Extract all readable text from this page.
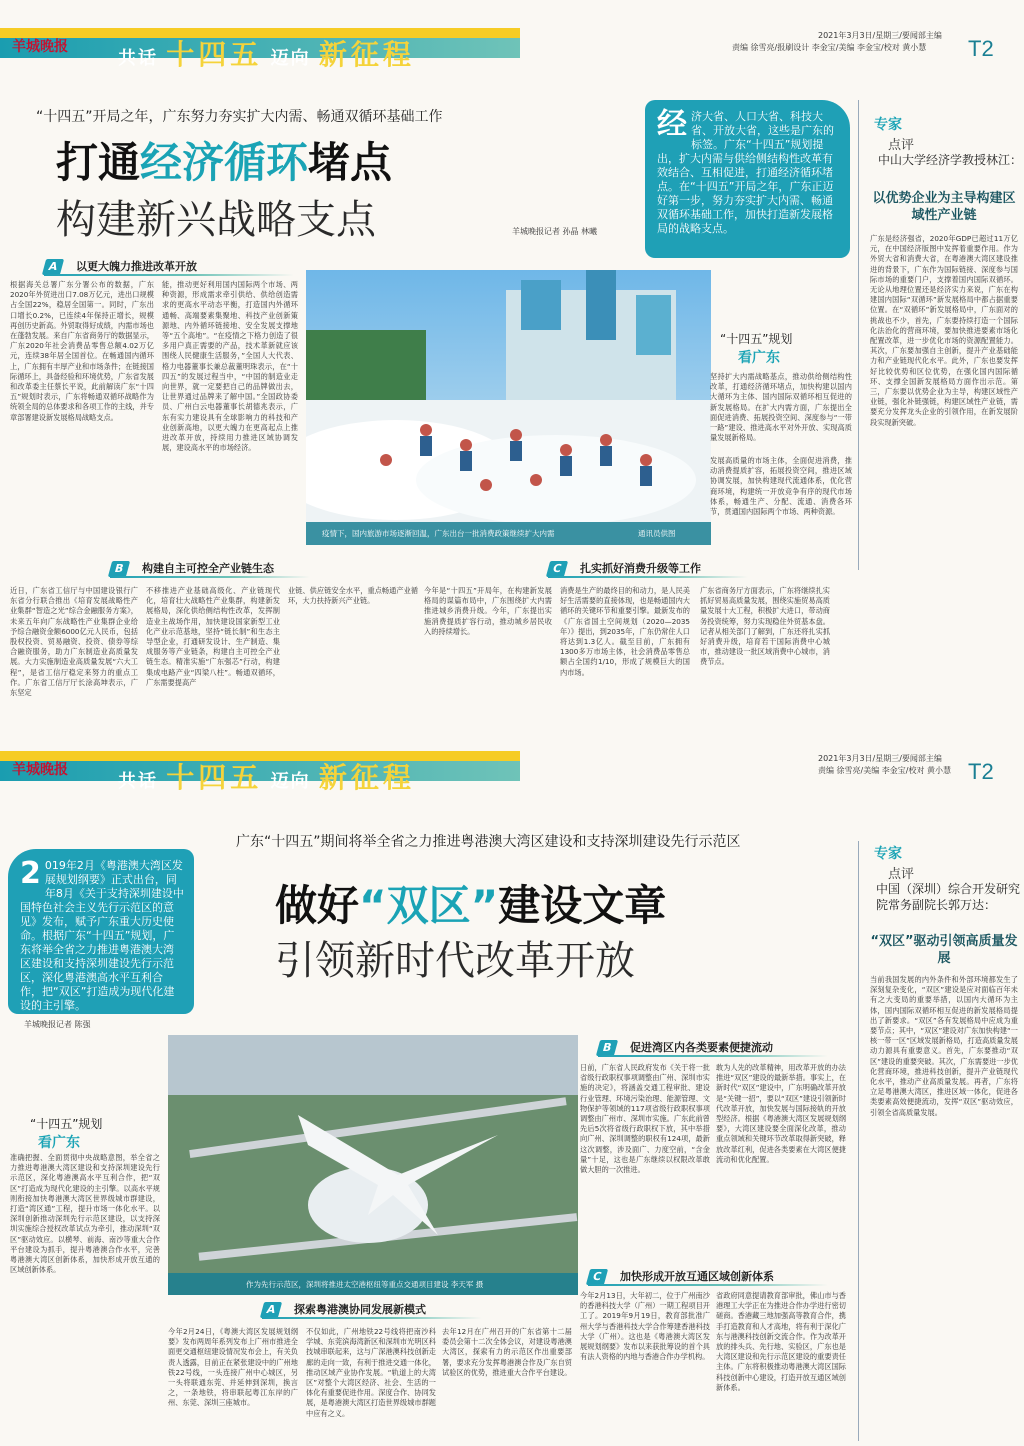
羊城晚报
共话 十四五 迈向 新征程
2021年3月3日/星期三/要闻部主编
责编 徐雪亮/报刷设计 李金宝/美编 李金宝/校对 黄小慧 T2
“十四五”开局之年，广东努力夯实扩大内需、畅通双循环基础工作
打通经济循环堵点
构建新兴战略支点	羊城晚报记者 孙晶 林曦
经 济大省、人口大省、科技大省、开放大省，这些是广东的标签。广东“十四五”规划提出，扩大内需与供给侧结构性改革有效结合、互相促进，打通经济循环堵点。在“十四五”开局之年，广东正迈好第一步，努力夯实扩大内需、畅通双循环基础工作，加快打造新发展格局的战略支点。
A 以更大魄力推进改革开放
根据海关总署广东分署公布的数据，广东2020年外贸进出口7.08万亿元，进出口规模占全国22%，稳居全国第一。同时，广东出口增长0.2%，已连续4年保持正增长，规模再创历史新高。外贸取得好成绩，内需市场也在蓬勃发展。来自广东省商务厅的数据显示，广东2020年社会消费品零售总额4.02万亿元，连续38年居全国首位。在畅通国内循环上，广东拥有丰厚产业和市场条件；在链接国际循环上，具备经验和环境优势，广东省发展和改革委主任蔡长平说，此前解读广东“十四五”规划时表示，广东将畅通双循环战略作为统领全局的总体要求和各项工作的主线，并专章部署建设新发展格局战略支点。
能，推动更好利用国内国际两个市场、两种资源，形成需求牵引供给、供给创造需求的更高水平动态平衡，打造国内外循环通畅、高端要素集聚地、科技产业创新策源地、内外循环链接地、安全发展支撑地等“五个高地”。“在疫情之下格力创造了很多用户真正需要的产品，技术革新就应该围绕人民健康生活服务，”全国人大代表、格力电器董事长兼总裁董明珠表示，在“十四五”的发展过程当中，“中国的制造业走向世界，就一定要把自己的品牌做出去，让世界通过品牌来了解中国。”全国政协委员、广州白云电器董事长胡德兆表示，广东有实力建设具有全球影响力的科技和产业创新高地，以更大魄力在更高起点上推进改革开放，持续用力推进区域协调发展，建设高水平的市场经济。
疫情下，国内旅游市场逐渐回温，广东出台一批消费政策继续扩大内需	通讯员供图
“十四五”规划
看广东
坚持扩大内需战略基点，推动供给侧结构性改革，打通经济循环堵点，加快构建以国内大循环为主体、国内国际双循环相互促进的新发展格局。在扩大内需方面，广东提出全面促进消费、拓展投资空间、深度参与“一带一路”建设、推进高水平对外开放、实现高质量发展新格局。
发展高质量的市场主体，全面促进消费，推动消费提质扩容，拓展投资空间，推进区域协调发展，加快构建现代流通体系，优化营商环境，构建统一开放竞争有序的现代市场体系，畅通生产、分配、流通、消费各环节，贯通国内国际两个市场、两种资源。
专家
点评
中山大学经济学教授林江：
以优势企业为主导构建区域性产业链
广东是经济强省，2020年GDP已超过11万亿元，在中国经济版图中发挥着重要作用。作为外贸大省和消费大省，在粤港澳大湾区建设推进的背景下，广东作为国际链接、深度参与国际市场的重要门户，支撑着国内国际双循环。无论从地理位置还是经济实力来说，广东在构建国内国际“双循环”新发展格局中都占据重要位置。在“双循环”新发展格局中，广东面对的挑战也不少，首先，广东要持续打造一个国际化法治化的营商环境，要加快推进要素市场化配置改革，进一步优化市场的资源配置能力。其次，广东要加强自主创新，提升产业基础能力和产业链现代化水平。此外，广东也要发挥好比较优势和区位优势，在强化国内国际循环、支撑全国新发展格局方面作出示范。第三，广东要以优势企业为主导，构建区域性产业链，强化补链强链，构建区域性产业链，需要充分发挥龙头企业的引领作用，在新发展阶段实现新突破。
B 构建自主可控全产业链生态	C 扎实抓好消费升级等工作
近日，广东省工信厅与中国建设银行广东省分行联合推出《培育发展战略性产业集群“智造之光”综合金融服务方案》，未来五年向广东战略性产业集群企业给予综合融资金额6000亿元人民币，包括股权投资、贸易融资、投资、债券等综合融资服务，助力广东制造业高质量发展。大力实施制造业高质量发展“六大工程”，是省工信厅稳定来努力的重点工作。广东省工信厅厅长涂高坤表示，广东坚定
不移推进产业基础高级化、产业链现代化，培育壮大战略性产业集群，构建新发展格局，深化供给侧结构性改革，发挥制造业主战场作用，加快建设国家新型工业化产业示范基地，坚持“链长制”和生态主导型企业，打通研发设计、生产制造、集成服务等产业链条，构建自主可控全产业链生态。精准实施“广东强芯”行动，构建集成电路产业“四梁八柱”。畅通双循环，广东需要提高产
业链、供应链安全水平，重点畅通产业循环，大力扶持新兴产业链。
今年是“十四五”开局年，在构建新发展格局的谋篇布局中，广东围绕扩大内需推进城乡消费升级。今年，广东提出实施消费提质扩容行动，推动城乡居民收入的持续增长。
消费是生产的最终目的和动力，是人民美好生活需要的直接体现，也是畅通国内大循环的关键环节和重要引擎。最新发布的《广东省国土空间规划（2020—2035年）》提出，到2035年，广东仍常住人口将达到1.3亿人。截至目前，广东拥有1300多万市场主体，社会消费品零售总额占全国约1/10，形成了规模巨大的国内市场。
广东省商务厅方面表示，广东将继续扎实抓好贸易高质量发展，围绕实施贸易高质量发展十大工程，积极扩大进口，带动商务投资统筹，努力实现稳住外贸基本盘。记者从相关部门了解到，广东还将扎实抓好消费升级，培育若干国际消费中心城市，推动建设一批区域消费中心城市，消费节点。
羊城晚报
共话 十四五 迈向 新征程
2021年3月3日/星期三/要闻部主编
责编 徐雪亮/美编 李金宝/校对 黄小慧 T2
广东“十四五”期间将举全省之力推进粤港澳大湾区建设和支持深圳建设先行示范区
做好“双区”建设文章
引领新时代改革开放
2 019年2月《粤港澳大湾区发展规划纲要》正式出台，同年8月《关于支持深圳建设中国特色社会主义先行示范区的意见》发布，赋予广东重大历史使命。根据广东“十四五”规划，广东将举全省之力推进粤港澳大湾区建设和支持深圳建设先行示范区，深化粤港澳高水平互利合作，把“双区”打造成为现代化建设的主引擎。
羊城晚报记者 陈强
作为先行示范区，深圳将推进太空港枢纽等重点交通项目建设 李天军 摄
“十四五”规划
看广东
准确把握、全面贯彻中央战略意图，举全省之力推进粤港澳大湾区建设和支持深圳建设先行示范区，深化粤港澳高水平互利合作，把“双区”打造成为现代化建设的主引擎。以高水平规则衔接加快粤港澳大湾区世界级城市群建设，打造“湾区通”工程，提升市场一体化水平。以深圳创新推动深圳先行示范区建设，以支持深圳实施综合授权改革试点为牵引，推动深圳“双区”驱动效应。以横琴、前海、南沙等重大合作平台建设为抓手，提升粤港澳合作水平，完善粤港澳大湾区创新体系，加快形成开放互通的区域创新体系。
B 促进湾区内各类要素便捷流动
日前，广东省人民政府发布《关于将一批省级行政职权事项调整由广州、深圳市实施的决定》，将涵盖交通工程审批、建设行业管理、环境污染治理、能源管理、文物保护等领域的117项省级行政职权事项调整由广州市、深圳市实施。广东此前曾先后5次将省级行政职权下放，其中举措向广州、深圳调整的职权有124项，最新这次调整，涉及面广、力度空前，“含金量”十足，这也是广东继续以权限改革敢做大胆的一次推进。
敢为人先的改革精神，用改革开放的办法推进“双区”建设的最新举措。事实上，在新时代“双区”建设中，广东明确改革开放是“关键一招”，要以“双区”建设引领新时代改革开放，加快发展与国际接轨的开放型经济。根据《粤港澳大湾区发展规划纲要》，大湾区建设要全面深化改革，推动重点领域和关键环节改革取得新突破，释放改革红利，促进各类要素在大湾区便捷流动和优化配置。
C 加快形成开放互通区域创新体系
今年2月13日，大年初二，位于广州南沙的香港科技大学（广州）一期工程项目开工了。2019年9月19日，教育部批准广州大学与香港科技大学合作筹建香港科技大学（广州）。这也是《粤港澳大湾区发展规划纲要》发布以来获批筹设的首个具有法人资格的内地与香港合作办学机构。
省政府同意提请教育部审批，佛山市与香港理工大学正在为推进合作办学进行密切磋商。香港藏三地加强高等教育合作，携手打造教育和人才高地，将有利于深化广东与港澳科技创新交流合作。作为改革开放的排头兵、先行地、实验区，广东也是大湾区建设和先行示范区建设的重要责任主体。广东将积极推动粤港澳大湾区国际科技创新中心建设，打造开放互通区域创新体系。
A 探索粤港澳协同发展新模式
今年2月24日，《粤澳大湾区发展规划纲要》发布两周年系列发布上广州市推进全面更交通枢纽建设情况发布会上，有关负责人透露，目前正在紧张建设中的广州地铁22号线，一头连接广州中心城区，另一头将联通东莞、并延伸到深圳，换言之，一条地铁，将串联起粤江东岸的广州、东莞、深圳三座城市。
不仅如此，广州地铁22号线将把南沙科学城、东莞滨海湾新区和深圳市光明区科技城串联起来，这与广深港澳科技创新走廊的走向一致，有利于推进交通一体化，推动区域产业协作发展。“轨道上的大湾区”对整个大湾区经济、社会、生活的一体化有重要促进作用。深度合作、协同发展，是粤港澳大湾区打造世界级城市群题中应有之义。
去年12月在广州召开的广东省第十二届委员会第十二次全体会议，对建设粤港澳大湾区，探索有力的示范区作出重要部署，要求充分发挥粤港澳合作及广东自贸试验区的优势，推进重大合作平台建设。
专家
点评
中国（深圳）综合开发研究院常务副院长郭万达：
“双区”驱动引领高质量发展
当前我国发展的内外条件和外部环境都发生了深刻复杂变化，“双区”建设是应对面临百年未有之大变局的重要举措，以国内大循环为主体，国内国际双循环相互促进的新发展格局提出了新要求。“双区”各有发展格局中应成为重要节点；其中，“双区”建设对广东加快构建“一核一带一区”区域发展新格局，打造高质量发展动力源具有重要意义。首先，广东要推动“双区”建设的重要突破。其次，广东需要进一步优化营商环境，推进科技创新，提升产业链现代化水平，推动产业高质量发展。再者，广东将立足粤港澳大湾区，推进区域一体化，促进各类要素高效便捷流动，发挥“双区”驱动效应，引领全省高质量发展。
